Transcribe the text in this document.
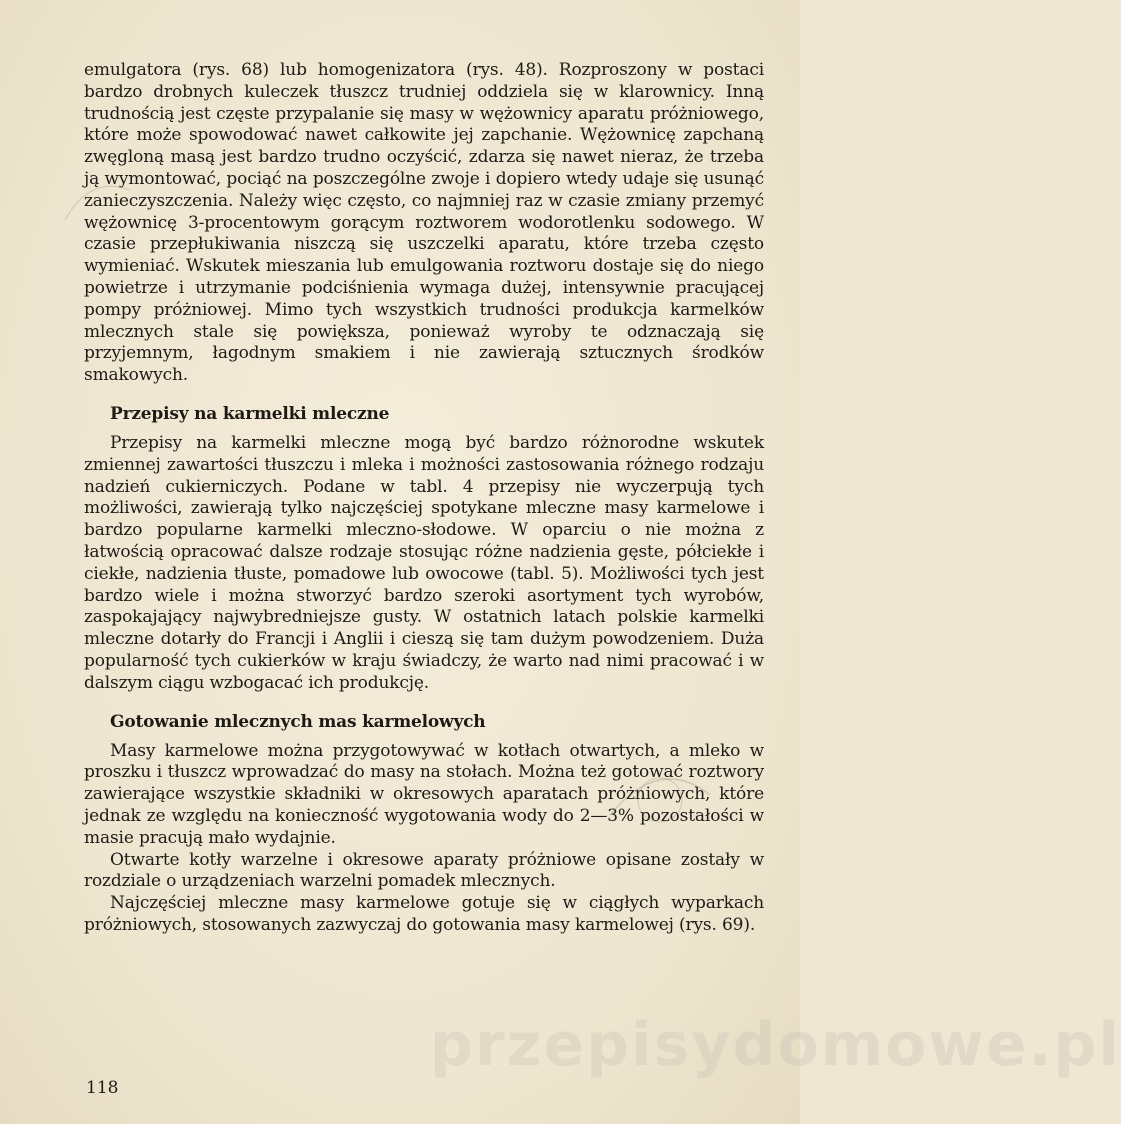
emulgatora (rys. 68) lub homogenizatora (rys. 48). Rozproszony w postaci bardzo drobnych kuleczek tłuszcz trudniej oddziela się w klarownicy. Inną trudnością jest częste przypalanie się masy w wężownicy aparatu próżniowego, które może spowodować nawet całkowite jej zapchanie. Wężownicę zapchaną zwęgloną masą jest bardzo trudno oczyścić, zdarza się nawet nieraz, że trzeba ją wymontować, pociąć na poszczególne zwoje i dopiero wtedy udaje się usunąć zanieczyszczenia. Należy więc często, co najmniej raz w czasie zmiany przemyć wężownicę 3-procentowym gorącym roztworem wodorotlenku sodowego. W czasie przepłukiwania niszczą się uszczelki aparatu, które trzeba często wymieniać. Wskutek mieszania lub emulgowania roztworu dostaje się do niego powietrze i utrzymanie podciśnienia wymaga dużej, intensywnie pracującej pompy próżniowej. Mimo tych wszystkich trudności produkcja karmelków mlecznych stale się powiększa, ponieważ wyroby te odznaczają się przyjemnym, łagodnym smakiem i nie zawierają sztucznych środków smakowych.

Przepisy na karmelki mleczne

Przepisy na karmelki mleczne mogą być bardzo różnorodne wskutek zmiennej zawartości tłuszczu i mleka i możności zastosowania różnego rodzaju nadzień cukierniczych. Podane w tabl. 4 przepisy nie wyczerpują tych możliwości, zawierają tylko najczęściej spotykane mleczne masy karmelowe i bardzo popularne karmelki mleczno-słodowe. W oparciu o nie można z łatwością opracować dalsze rodzaje stosując różne nadzienia gęste, półciekłe i ciekłe, nadzienia tłuste, pomadowe lub owocowe (tabl. 5). Możliwości tych jest bardzo wiele i można stworzyć bardzo szeroki asortyment tych wyrobów, zaspokajający najwybredniejsze gusty. W ostatnich latach polskie karmelki mleczne dotarły do Francji i Anglii i cieszą się tam dużym powodzeniem. Duża popularność tych cukierków w kraju świadczy, że warto nad nimi pracować i w dalszym ciągu wzbogacać ich produkcję.

Gotowanie mlecznych mas karmelowych

Masy karmelowe można przygotowywać w kotłach otwartych, a mleko w proszku i tłuszcz wprowadzać do masy na stołach. Można też gotować roztwory zawierające wszystkie składniki w okresowych aparatach próżniowych, które jednak ze względu na konieczność wygotowania wody do 2—3% pozostałości w masie pracują mało wydajnie.

Otwarte kotły warzelne i okresowe aparaty próżniowe opisane zostały w rozdziale o urządzeniach warzelni pomadek mlecznych.

Najczęściej mleczne masy karmelowe gotuje się w ciągłych wyparkach próżniowych, stosowanych zazwyczaj do gotowania masy karmelowej (rys. 69).

118
przepisydomowe.pl
